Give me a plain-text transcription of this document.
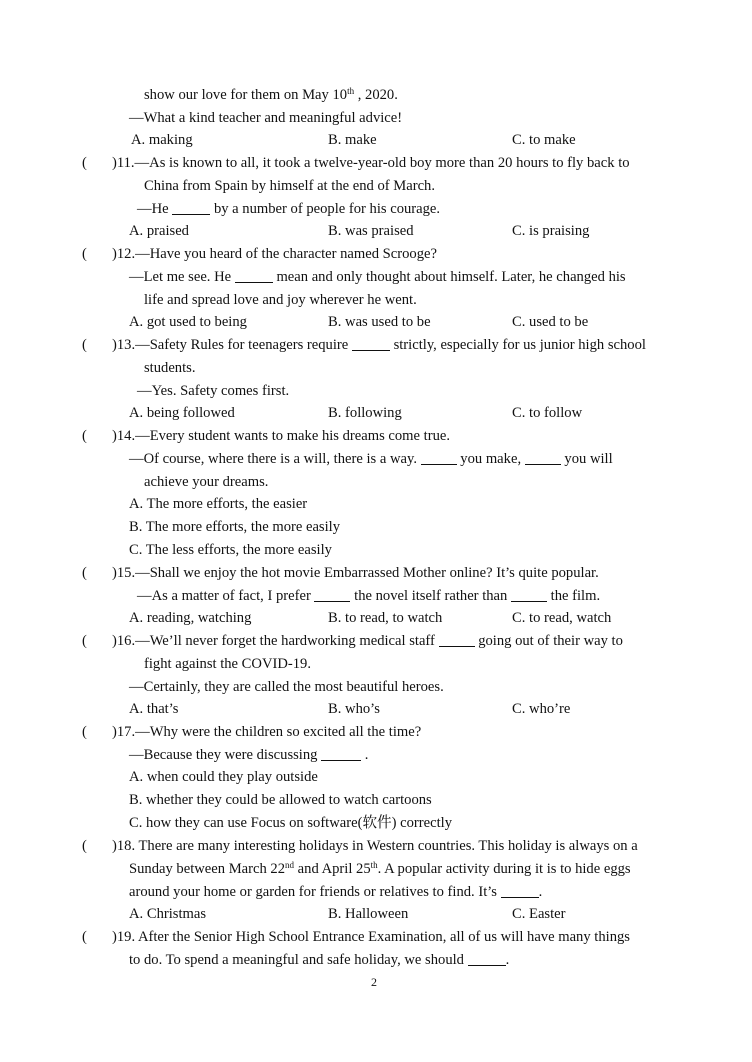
show our love for them on May 10th , 2020.
—What a kind teacher and meaningful advice!
A. making	B. make	C. to make
( )11.—As is known to all, it took a twelve-year-old boy more than 20 hours to fly back to
China from Spain by himself at the end of March.
—He	by a number of people for his courage.
A. praised	B. was praised	C. is praising
( )12.—Have you heard of the character named Scrooge?
—Let me see. He	mean and only thought about himself. Later, he changed his
life and spread love and joy wherever he went.
A. got used to being	B. was used to be	C. used to be
( )13.—Safety Rules for teenagers require	strictly, especially for us junior high school
students.
—Yes. Safety comes first.
A. being followed	B. following	C. to follow
( )14.—Every student wants to make his dreams come true.
—Of course, where there is a will, there is a way.	you make,	you will
achieve your dreams.
A. The more efforts, the easier
B. The more efforts, the more easily
C. The less efforts, the more easily
( )15.—Shall we enjoy the hot movie Embarrassed Mother online? It’s quite popular.
—As a matter of fact, I prefer	the novel itself rather than	the film.
A. reading, watching	B. to read, to watch	C. to read, watch
( )16.—We’ll never forget the hardworking medical staff	going out of their way to
fight against the COVID-19.
—Certainly, they are called the most beautiful heroes.
A. that’s	B. who’s	C. who’re
( )17.—Why were the children so excited all the time?
—Because they were discussing	.
A. when could they play outside
B. whether they could be allowed to watch cartoons
C. how they can use Focus on software(软件) correctly
( )18. There are many interesting holidays in Western countries. This holiday is always on a
Sunday between March 22nd and April 25th. A popular activity during it is to hide eggs
around your home or garden for friends or relatives to find. It’s	.
A. Christmas	B. Halloween	C. Easter
( )19. After the Senior High School Entrance Examination, all of us will have many things
to do. To spend a meaningful and safe holiday, we should	.
2
